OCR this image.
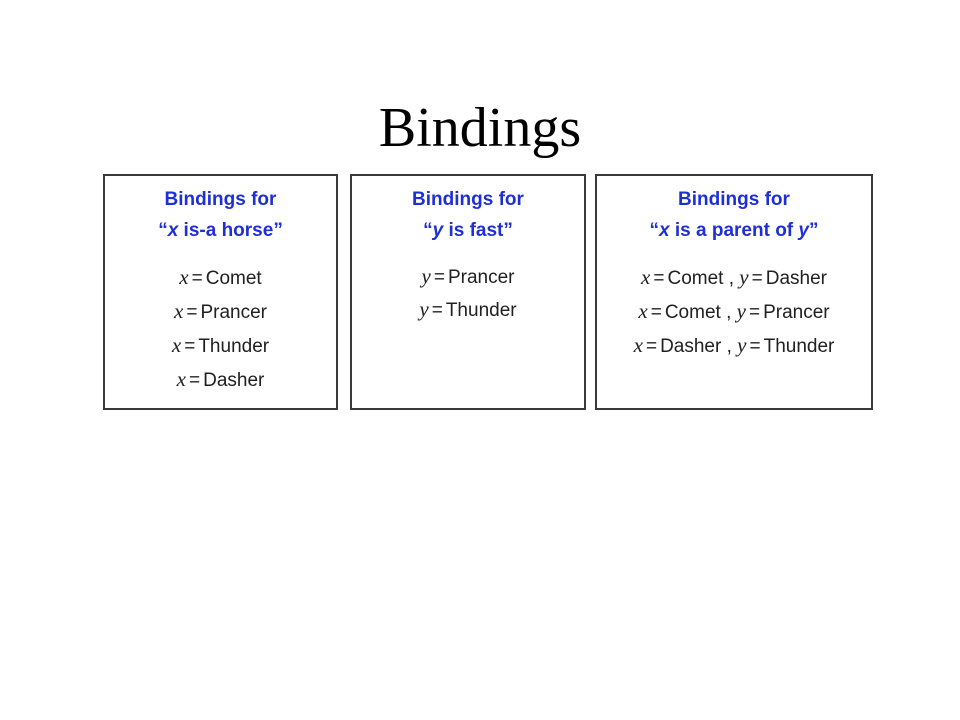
Bindings
Bindings for
“x is-a horse”
x = Comet
x = Prancer
x = Thunder
x = Dasher
Bindings for
“y is fast”
y = Prancer
y = Thunder
Bindings for
“x is a parent of y”
x = Comet , y = Dasher
x = Comet , y = Prancer
x = Dasher , y = Thunder
